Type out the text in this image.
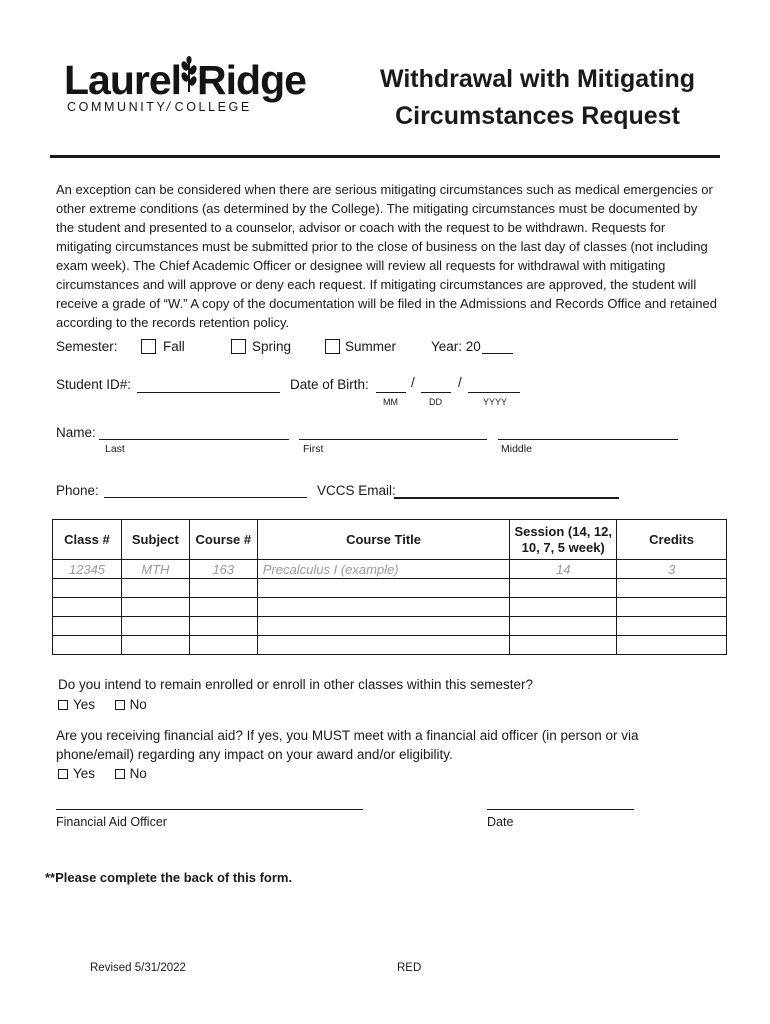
Laurel Ridge
COMMUNITY/ COLLEGE
Withdrawal with Mitigating
Circumstances Request
An exception can be considered when there are serious mitigating circumstances such as medical emergencies or other extreme conditions (as determined by the College). The mitigating circumstances must be documented by the student and presented to a counselor, advisor or coach with the request to be withdrawn. Requests for mitigating circumstances must be submitted prior to the close of business on the last day of classes (not including exam week). The Chief Academic Officer or designee will review all requests for withdrawal with mitigating circumstances and will approve or deny each request. If mitigating circumstances are approved, the student will receive a grade of “W.” A copy of the documentation will be filed in the Admissions and Records Office and retained according to the records retention policy.
Semester:	Fall	Spring	Summer	Year: 20
Student ID#:	Date of Birth:	/	/
MM	DD	YYYY
Name:
Last	First	Middle
Phone:	VCCS Email:
Class #	Subject	Course #	Course Title	Session (14, 12, 10, 7, 5 week)	Credits
12345	MTH	163	Precalculus I (example)	14	3

Do you intend to remain enrolled or enroll in other classes within this semester?
Yes	No
Are you receiving financial aid? If yes, you MUST meet with a financial aid officer (in person or via phone/email) regarding any impact on your award and/or eligibility.
Yes	No
Financial Aid Officer	Date
**Please complete the back of this form.
Revised 5/31/2022	RED
